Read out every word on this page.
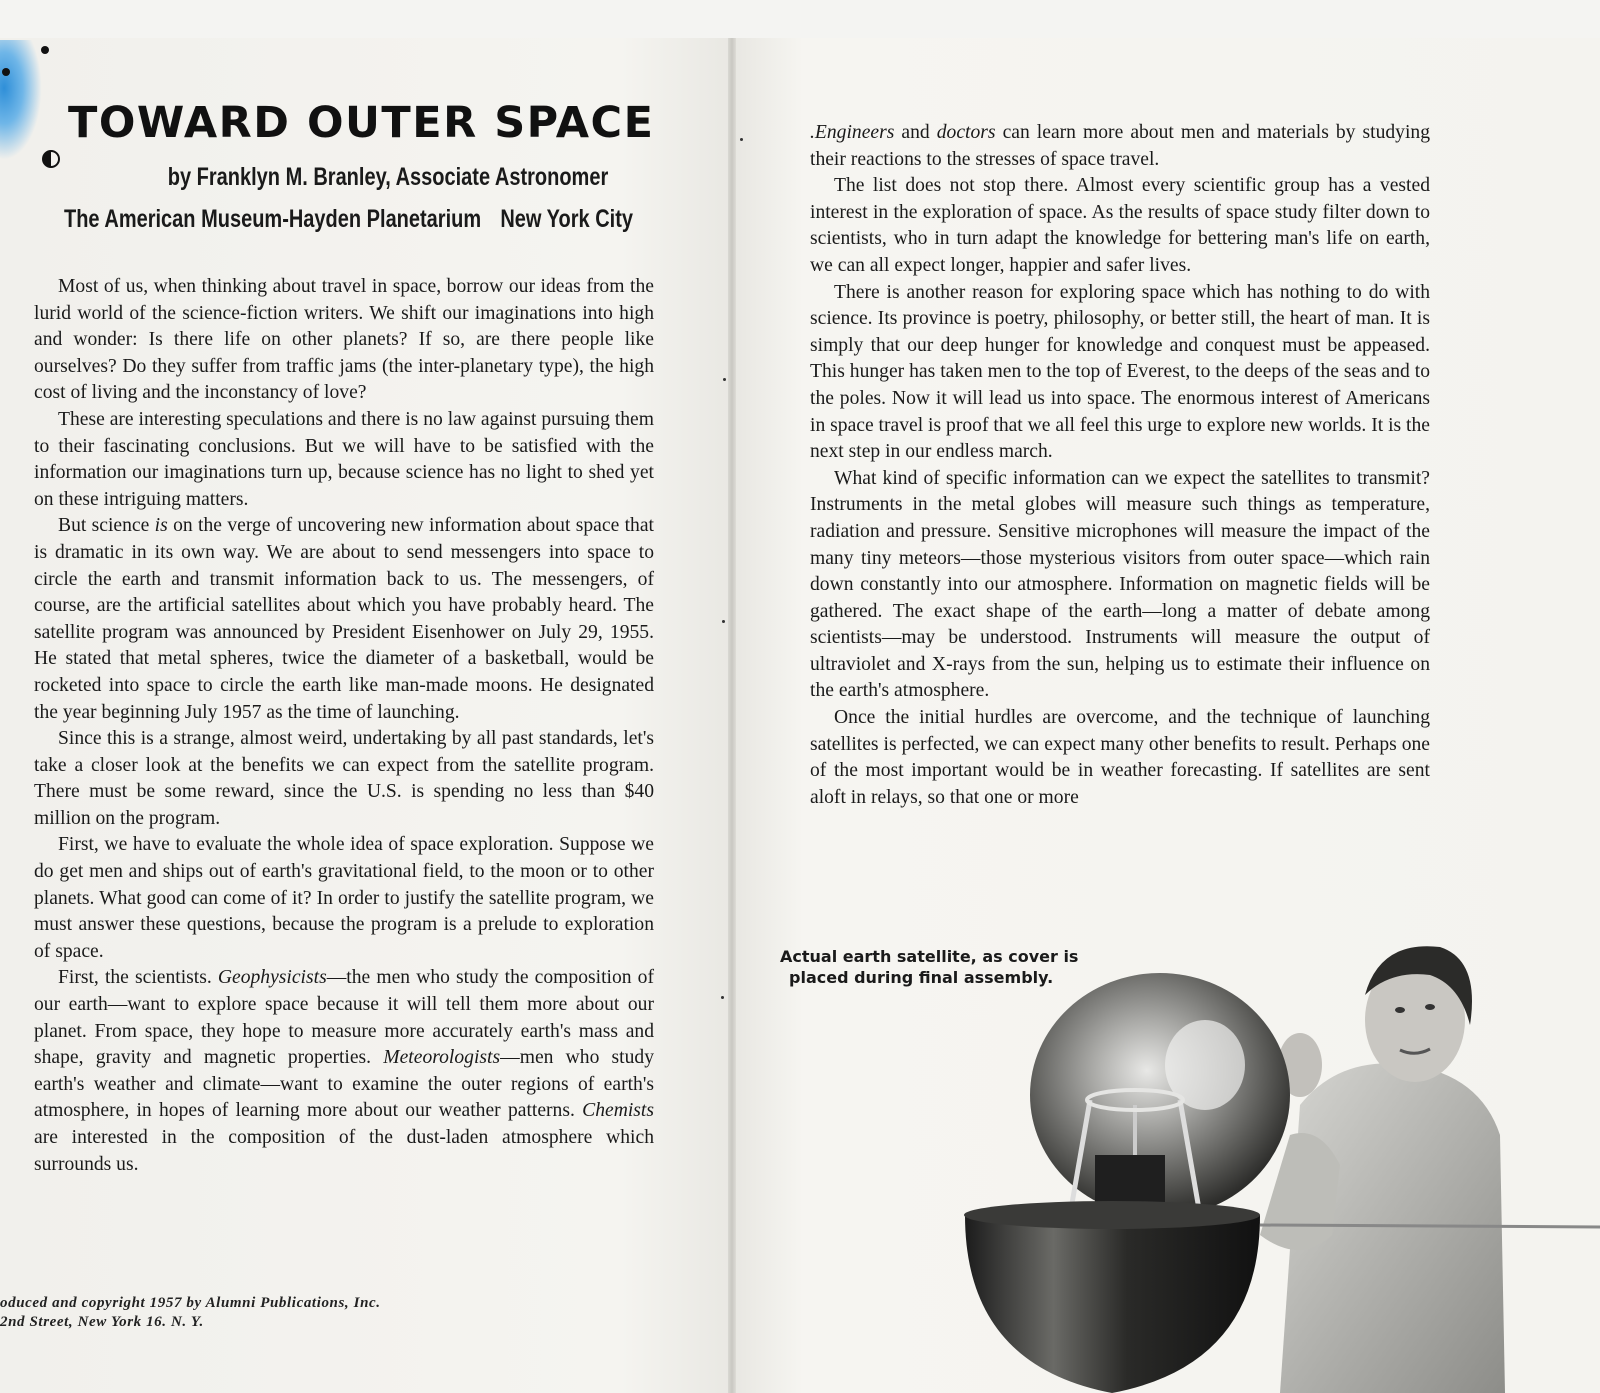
TOWARD OUTER SPACE
by Franklyn M. Branley, Associate Astronomer
The American Museum-Hayden Planetarium New York City

Most of us, when thinking about travel in space, borrow our ideas from the lurid world of the science-fiction writers. We shift our imaginations into high and wonder: Is there life on other planets? If so, are there people like ourselves? Do they suffer from traffic jams (the inter-planetary type), the high cost of living and the inconstancy of love?

These are interesting speculations and there is no law against pursuing them to their fascinating conclusions. But we will have to be satisfied with the information our imaginations turn up, because science has no light to shed yet on these intriguing matters.

But science is on the verge of uncovering new information about space that is dramatic in its own way. We are about to send messengers into space to circle the earth and transmit information back to us. The messengers, of course, are the artificial satellites about which you have probably heard. The satellite program was announced by President Eisenhower on July 29, 1955. He stated that metal spheres, twice the diameter of a basketball, would be rocketed into space to circle the earth like man-made moons. He designated the year beginning July 1957 as the time of launching.

Since this is a strange, almost weird, undertaking by all past standards, let's take a closer look at the benefits we can expect from the satellite program. There must be some reward, since the U.S. is spending no less than $40 million on the program.

First, we have to evaluate the whole idea of space exploration. Suppose we do get men and ships out of earth's gravitational field, to the moon or to other planets. What good can come of it? In order to justify the satellite program, we must answer these questions, because the program is a prelude to exploration of space.

First, the scientists. Geophysicists—the men who study the composition of our earth—want to explore space because it will tell them more about our planet. From space, they hope to measure more accurately earth's mass and shape, gravity and magnetic properties. Meteorologists—men who study earth's weather and climate—want to examine the outer regions of earth's atmosphere, in hopes of learning more about our weather patterns. Chemists are interested in the composition of the dust-laden atmosphere which surrounds us.

oduced and copyright 1957 by Alumni Publications, Inc.
2nd Street, New York 16. N. Y.

.Engineers and doctors can learn more about men and materials by studying their reactions to the stresses of space travel.

The list does not stop there. Almost every scientific group has a vested interest in the exploration of space. As the results of space study filter down to scientists, who in turn adapt the knowledge for bettering man's life on earth, we can all expect longer, happier and safer lives.

There is another reason for exploring space which has nothing to do with science. Its province is poetry, philosophy, or better still, the heart of man. It is simply that our deep hunger for knowledge and conquest must be appeased. This hunger has taken men to the top of Everest, to the deeps of the seas and to the poles. Now it will lead us into space. The enormous interest of Americans in space travel is proof that we all feel this urge to explore new worlds. It is the next step in our endless march.

What kind of specific information can we expect the satellites to transmit? Instruments in the metal globes will measure such things as temperature, radiation and pressure. Sensitive microphones will measure the impact of the many tiny meteors—those mysterious visitors from outer space—which rain down constantly into our atmosphere. Information on magnetic fields will be gathered. The exact shape of the earth—long a matter of debate among scientists—may be understood. Instruments will measure the output of ultraviolet and X-rays from the sun, helping us to estimate their influence on the earth's atmosphere.

Once the initial hurdles are overcome, and the technique of launching satellites is perfected, we can expect many other benefits to result. Perhaps one of the most important would be in weather forecasting. If satellites are sent aloft in relays, so that one or more

Actual earth satellite, as cover is
placed during final assembly.
